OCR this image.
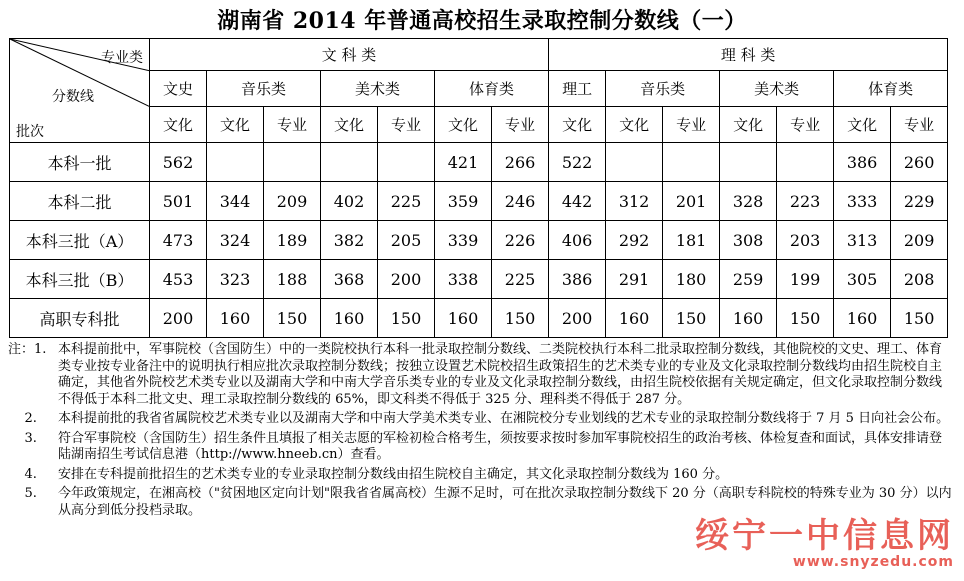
湖南省 2014 年普通高校招生录取控制分数线（一）
专业类
分数线
批次	文 科 类							理 科 类						
	文史	音乐类		美术类		体育类		理工	音乐类		美术类		体育类	
	文化	文化	专业	文化	专业	文化	专业	文化	文化	专业	文化	专业	文化	专业
本科一批	562					421	266	522					386	260
本科二批	501	344	209	402	225	359	246	442	312	201	328	223	333	229
本科三批（A）	473	324	189	382	205	339	226	406	292	181	308	203	313	209
本科三批（B）	453	323	188	368	200	338	225	386	291	180	259	199	305	208
高职专科批	200	160	150	160	150	160	150	200	160	150	160	150	160	150
注：1. 本科提前批中，军事院校（含国防生）中的一类院校执行本科一批录取控制分数线、二类院校执行本科二批录取控制分数线，其他院校的文史、理工、体育类专业按专业备注中的说明执行相应批次录取控制分数线；按独立设置艺术院校招生政策招生的艺术类专业的专业及文化录取控制分数线均由招生院校自主确定，其他省外院校艺术类专业以及湖南大学和中南大学音乐类专业的专业及文化录取控制分数线，由招生院校依据有关规定确定，但文化录取控制分数线不得低于本科二批文史、理工录取控制分数线的 65%，即文科类不得低于 325 分、理科类不得低于 287 分。
2.	本科提前批的我省省属院校艺术类专业以及湖南大学和中南大学美术类专业、在湘院校分专业划线的艺术专业的录取控制分数线将于 7 月 5 日向社会公布。
3.	符合军事院校（含国防生）招生条件且填报了相关志愿的军检初检合格考生，须按要求按时参加军事院校招生的政治考核、体检复查和面试，具体安排请登陆湖南招生考试信息港（http://www.hneeb.cn）查看。
4.	安排在专科提前批招生的艺术类专业的专业录取控制分数线由招生院校自主确定，其文化录取控制分数线为 160 分。
5.	今年政策规定，在湘高校（"贫困地区定向计划"限我省省属高校）生源不足时，可在批次录取控制分数线下 20 分（高职专科院校的特殊专业为 30 分）以内从高分到低分投档录取。
绥宁一中信息网
www.snyzedu.com
